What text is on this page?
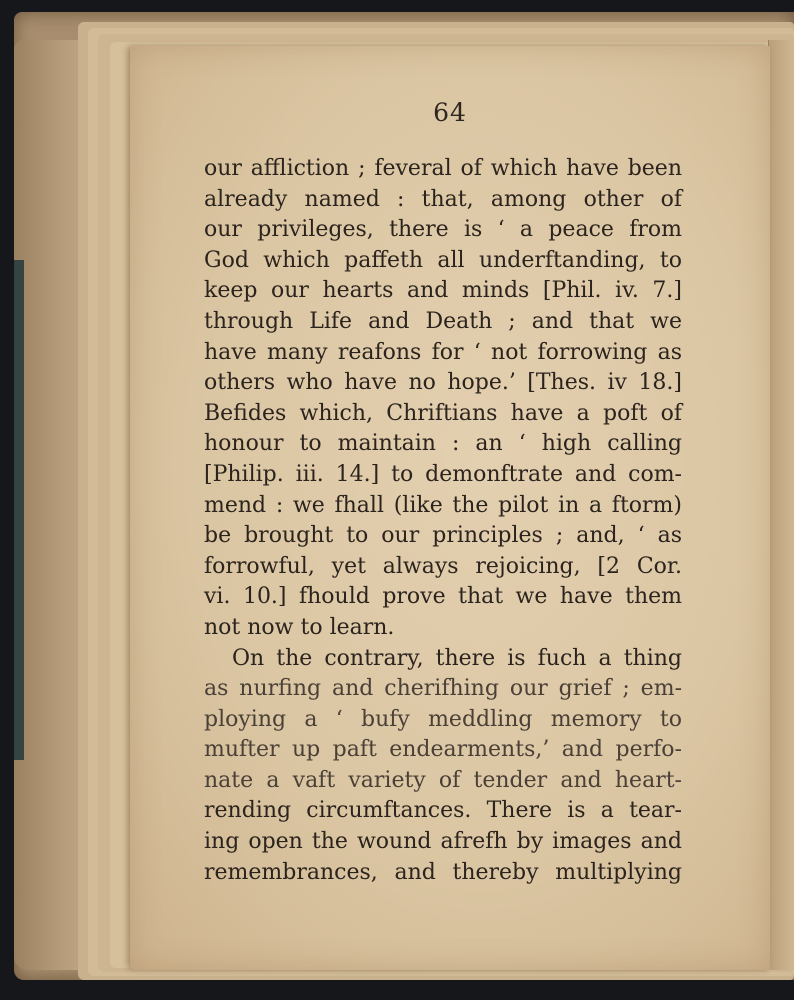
64
our affliction ; feveral of which have been
already named : that, among other of
our privileges, there is ‘ a peace from
God which paffeth all underftanding, to
keep our hearts and minds [Phil. iv. 7.]
through Life and Death ; and that we
have many reafons for ‘ not forrowing as
others who have no hope.’ [Thes. iv 18.]
Befides which, Chriftians have a poft of
honour to maintain : an ‘ high calling
[Philip. iii. 14.] to demonftrate and com-
mend : we fhall (like the pilot in a ftorm)
be brought to our principles ; and, ‘ as
forrowful, yet always rejoicing, [2 Cor.
vi. 10.] fhould prove that we have them
not now to learn.
On the contrary, there is fuch a thing
as nurfing and cherifhing our grief ; em-
ploying a ‘ bufy meddling memory to
mufter up paft endearments,’ and perfo-
nate a vaft variety of tender and heart-
rending circumftances. There is a tear-
ing open the wound afrefh by images and
remembrances, and thereby multiplying
